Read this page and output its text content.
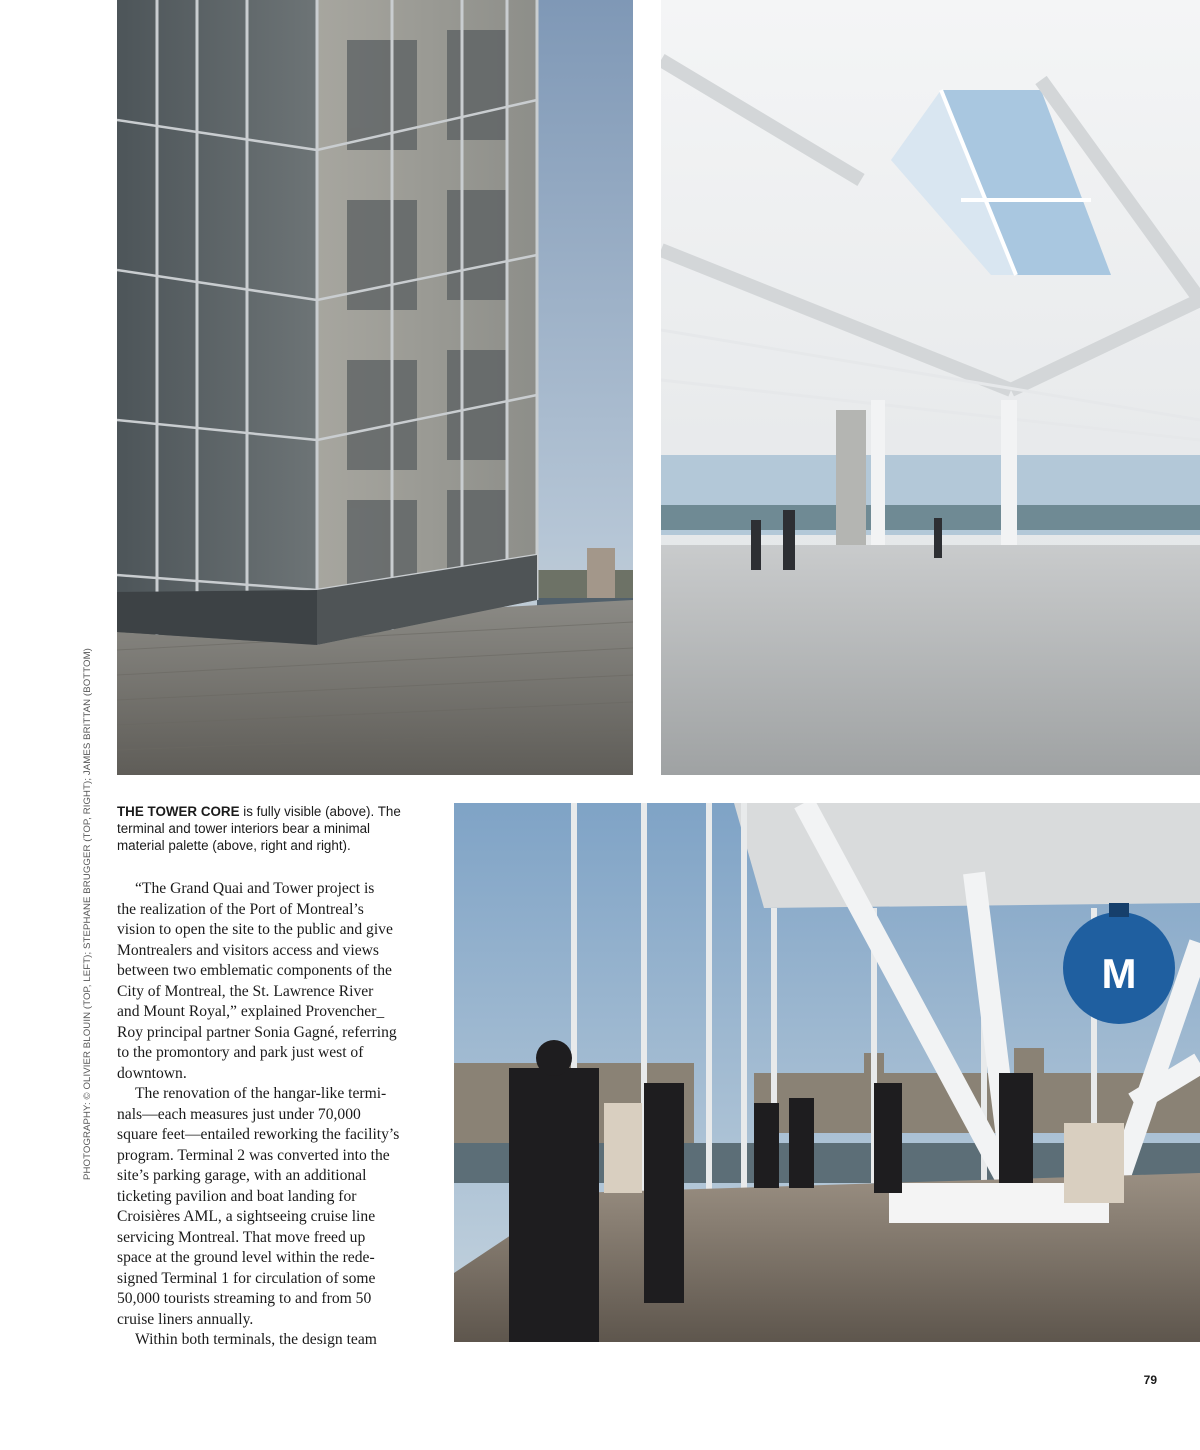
M
THE TOWER CORE is fully visible (above). The terminal and tower interiors bear a minimal material palette (above, right and right).
“The Grand Quai and Tower project is
the realization of the Port of Montreal’s
vision to open the site to the public and give
Montrealers and visitors access and views
between two emblematic components of the
City of Montreal, the St. Lawrence River
and Mount Royal,” explained Provencher_
Roy principal partner Sonia Gagné, referring
to the promontory and park just west of
downtown.
The renovation of the hangar-like termi-
nals—each measures just under 70,000
square feet—entailed reworking the facility’s
program. Terminal 2 was converted into the
site’s parking garage, with an additional
ticketing pavilion and boat landing for
Croisières AML, a sightseeing cruise line
servicing Montreal. That move freed up
space at the ground level within the rede-
signed Terminal 1 for circulation of some
50,000 tourists streaming to and from 50
cruise liners annually.
Within both terminals, the design team
PHOTOGRAPHY: © OLIVIER BLOUIN (TOP, LEFT); STEPHANE BRUGGER (TOP, RIGHT); JAMES BRITTAN (BOTTOM)
79
